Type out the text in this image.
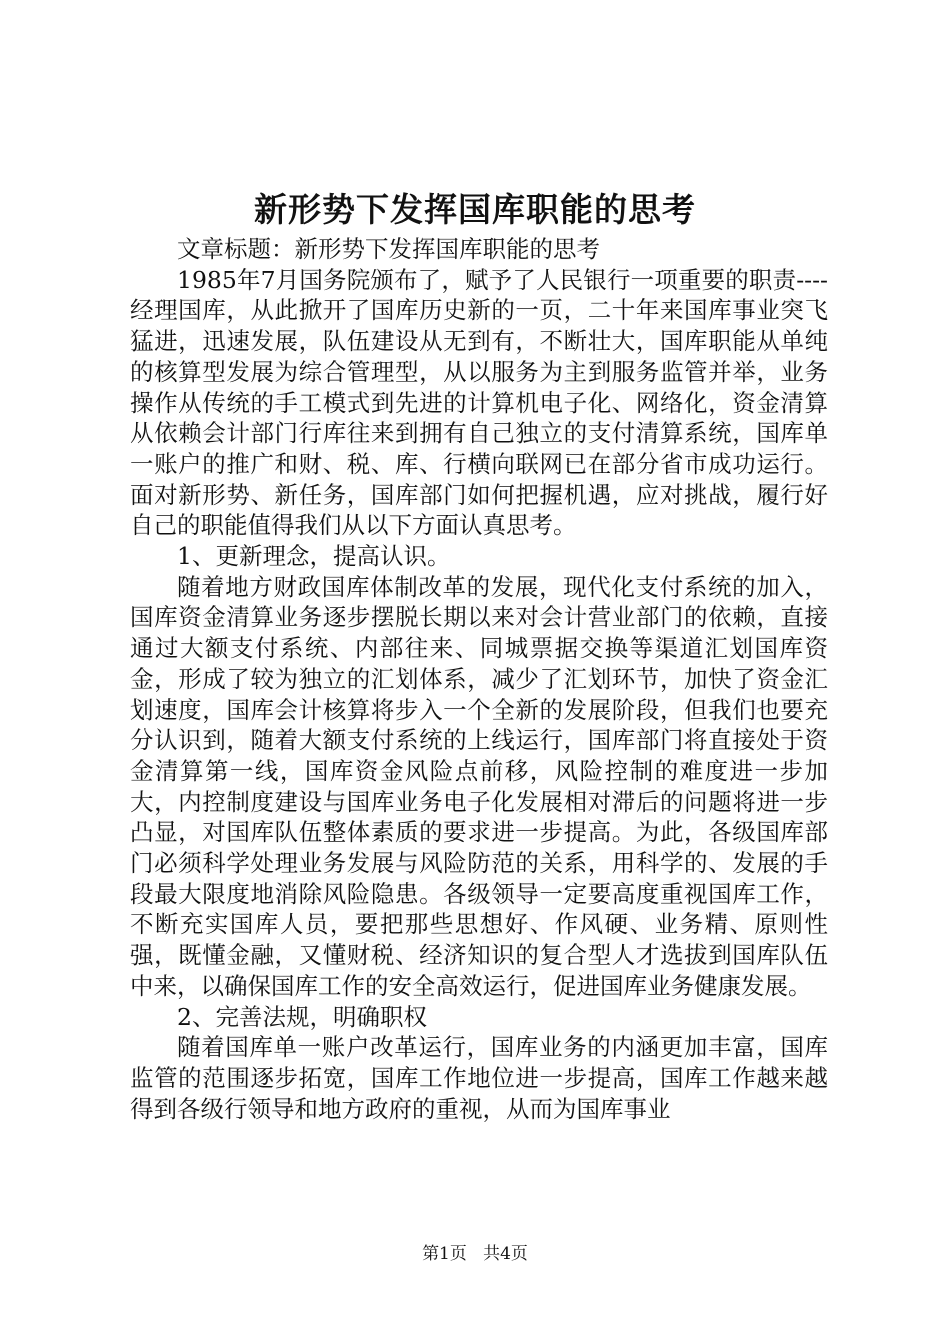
新形势下发挥国库职能的思考

文章标题：新形势下发挥国库职能的思考

1985年7月国务院颁布了，赋予了人民银行一项重要的职责----经理国库，从此掀开了国库历史新的一页，二十年来国库事业突飞猛进，迅速发展，队伍建设从无到有，不断壮大，国库职能从单纯的核算型发展为综合管理型，从以服务为主到服务监管并举，业务操作从传统的手工模式到先进的计算机电子化、网络化，资金清算从依赖会计部门行库往来到拥有自己独立的支付清算系统，国库单一账户的推广和财、税、库、行横向联网已在部分省市成功运行。面对新形势、新任务，国库部门如何把握机遇，应对挑战，履行好自己的职能值得我们从以下方面认真思考。

1、更新理念，提高认识。

随着地方财政国库体制改革的发展，现代化支付系统的加入，国库资金清算业务逐步摆脱长期以来对会计营业部门的依赖，直接通过大额支付系统、内部往来、同城票据交换等渠道汇划国库资金，形成了较为独立的汇划体系，减少了汇划环节，加快了资金汇划速度，国库会计核算将步入一个全新的发展阶段，但我们也要充分认识到，随着大额支付系统的上线运行，国库部门将直接处于资金清算第一线，国库资金风险点前移，风险控制的难度进一步加大，内控制度建设与国库业务电子化发展相对滞后的问题将进一步凸显，对国库队伍整体素质的要求进一步提高。为此，各级国库部门必须科学处理业务发展与风险防范的关系，用科学的、发展的手段最大限度地消除风险隐患。各级领导一定要高度重视国库工作，不断充实国库人员，要把那些思想好、作风硬、业务精、原则性强，既懂金融，又懂财税、经济知识的复合型人才选拔到国库队伍中来，以确保国库工作的安全高效运行，促进国库业务健康发展。

2、完善法规，明确职权

随着国库单一账户改革运行，国库业务的内涵更加丰富，国库监管的范围逐步拓宽，国库工作地位进一步提高，国库工作越来越得到各级行领导和地方政府的重视，从而为国库事业

第1页 共4页
